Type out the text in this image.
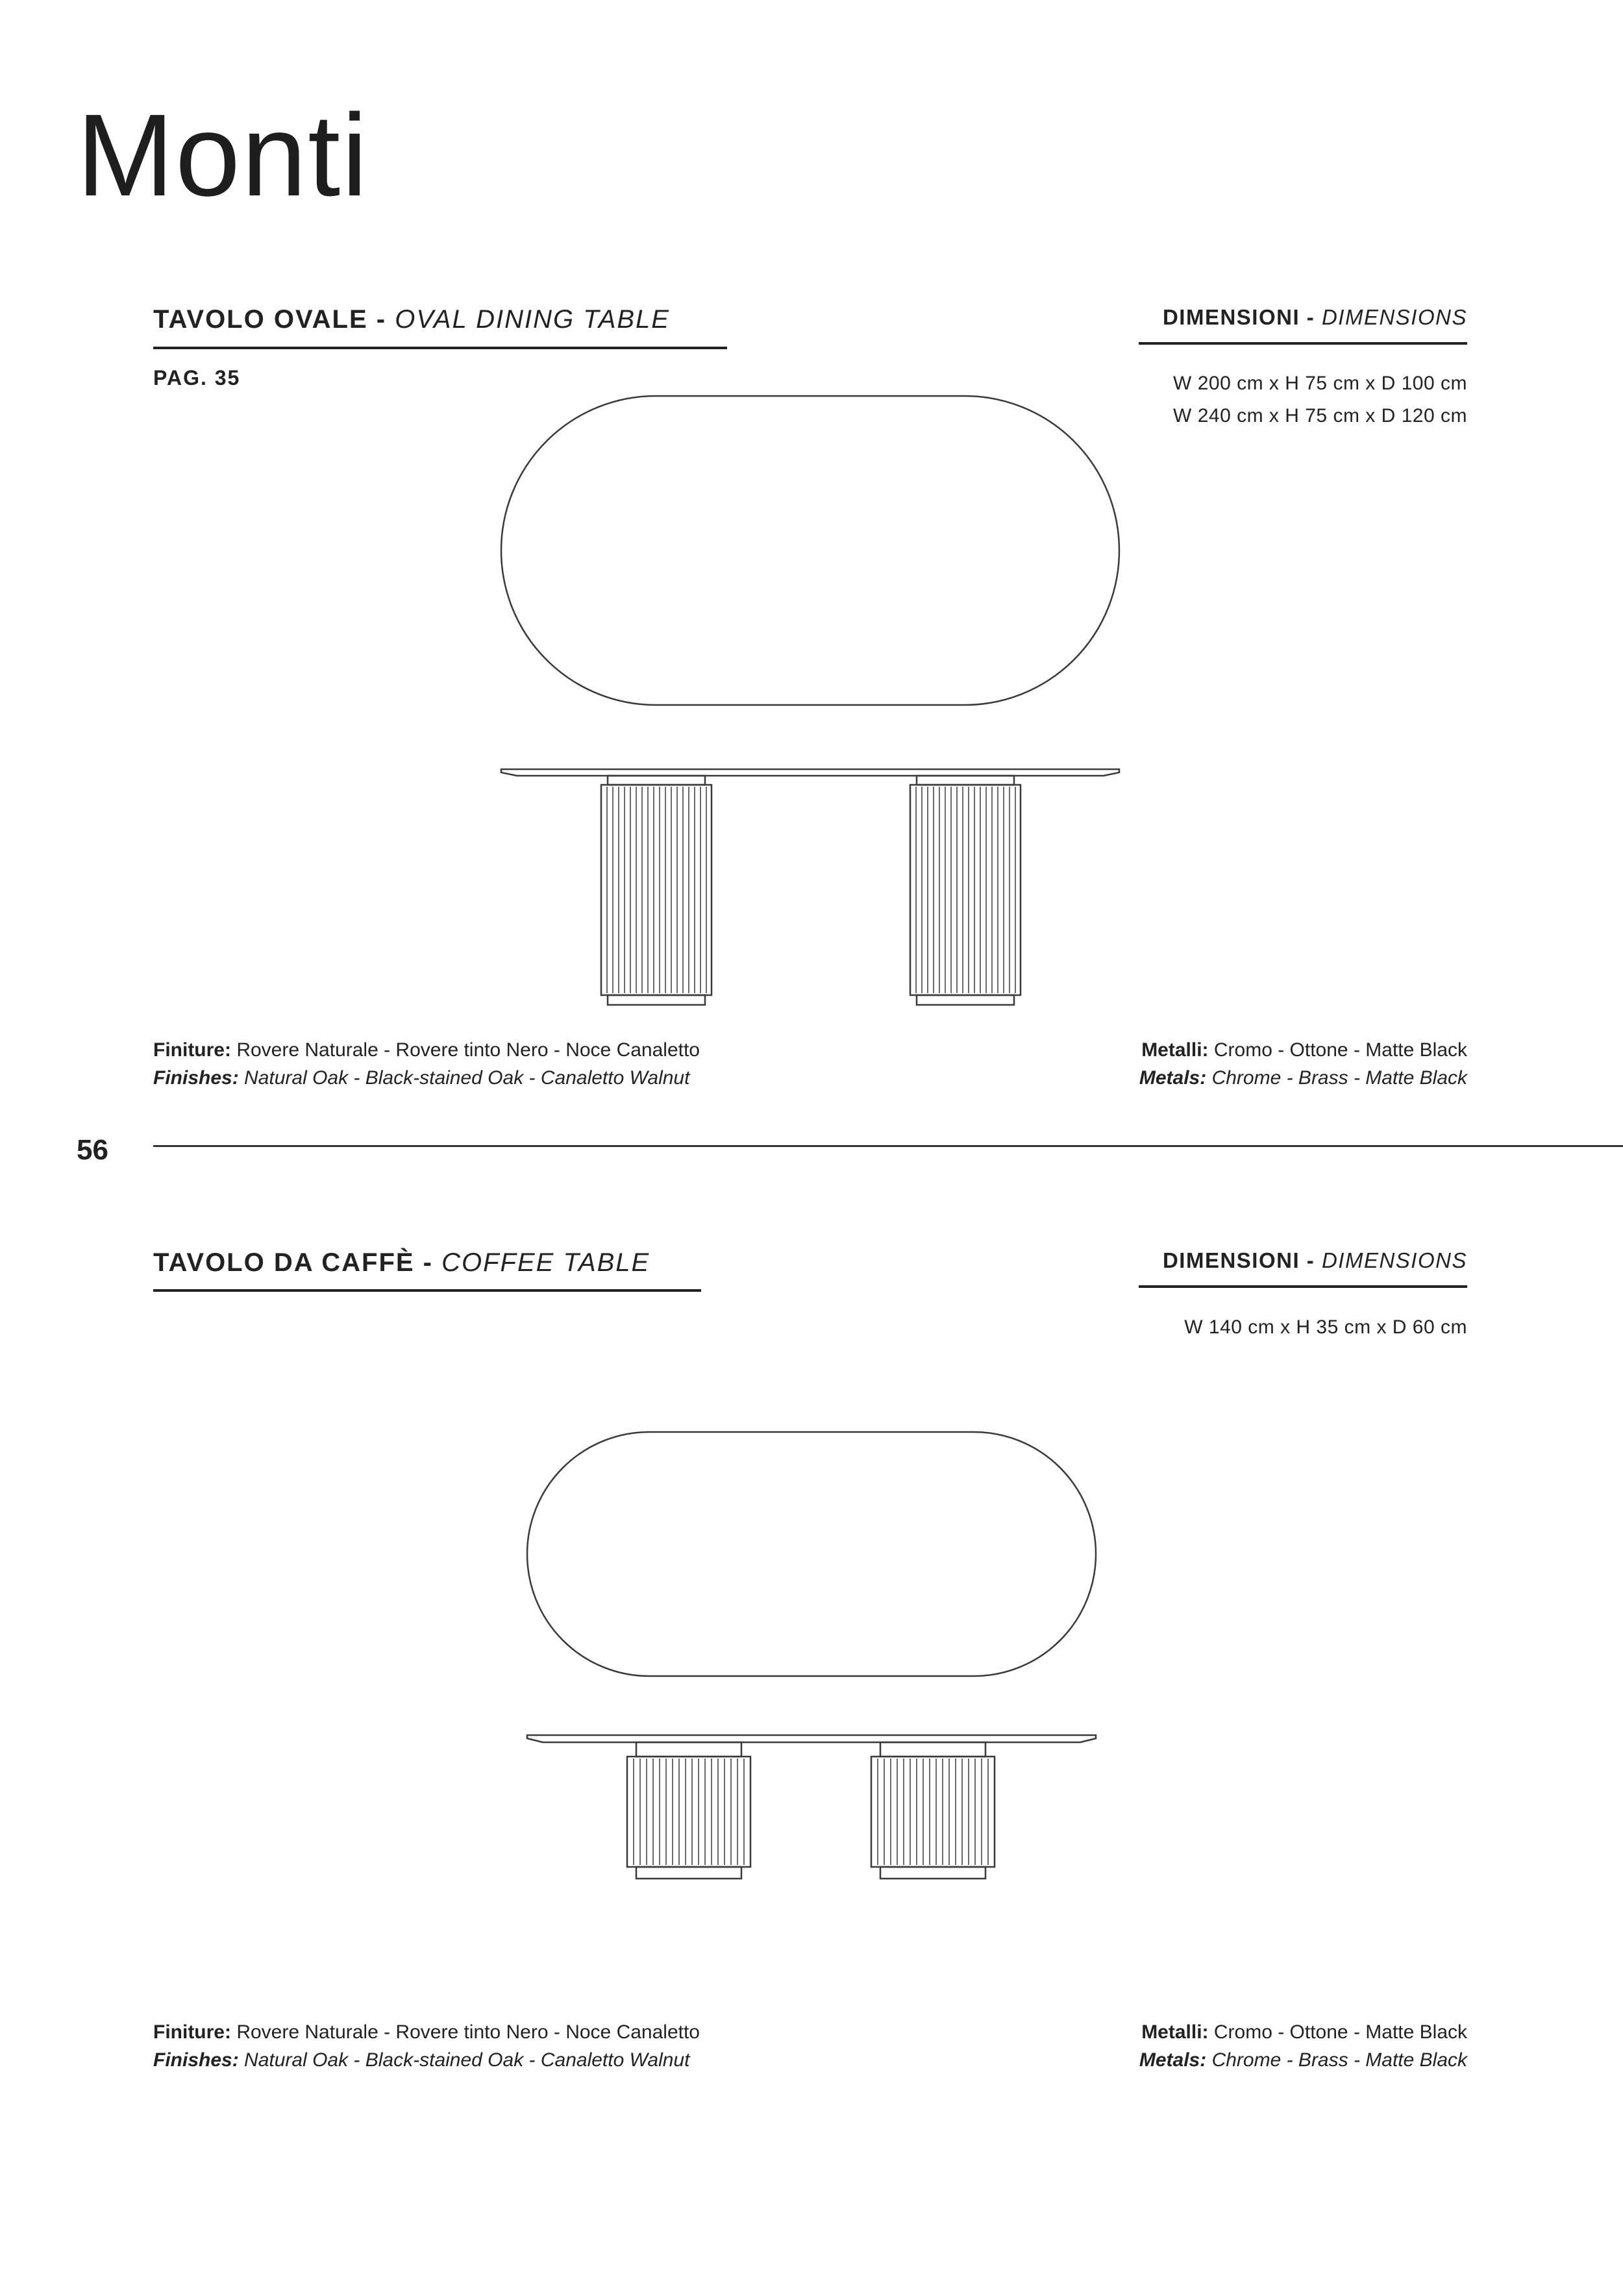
Monti
TAVOLO OVALE - OVAL DINING TABLE
PAG. 35
DIMENSIONI - DIMENSIONS
W 200 cm x H 75 cm x D 100 cm
W 240 cm x H 75 cm x D 120 cm
Finiture: Rovere Naturale - Rovere tinto Nero - Noce Canaletto
Finishes: Natural Oak - Black-stained Oak - Canaletto Walnut
Metalli: Cromo - Ottone - Matte Black
Metals: Chrome - Brass - Matte Black
56
TAVOLO DA CAFFÈ - COFFEE TABLE	DIMENSIONI - DIMENSIONS
W 140 cm x H 35 cm x D 60 cm
Finiture: Rovere Naturale - Rovere tinto Nero - Noce Canaletto
Finishes: Natural Oak - Black-stained Oak - Canaletto Walnut
Metalli: Cromo - Ottone - Matte Black
Metals: Chrome - Brass - Matte Black
